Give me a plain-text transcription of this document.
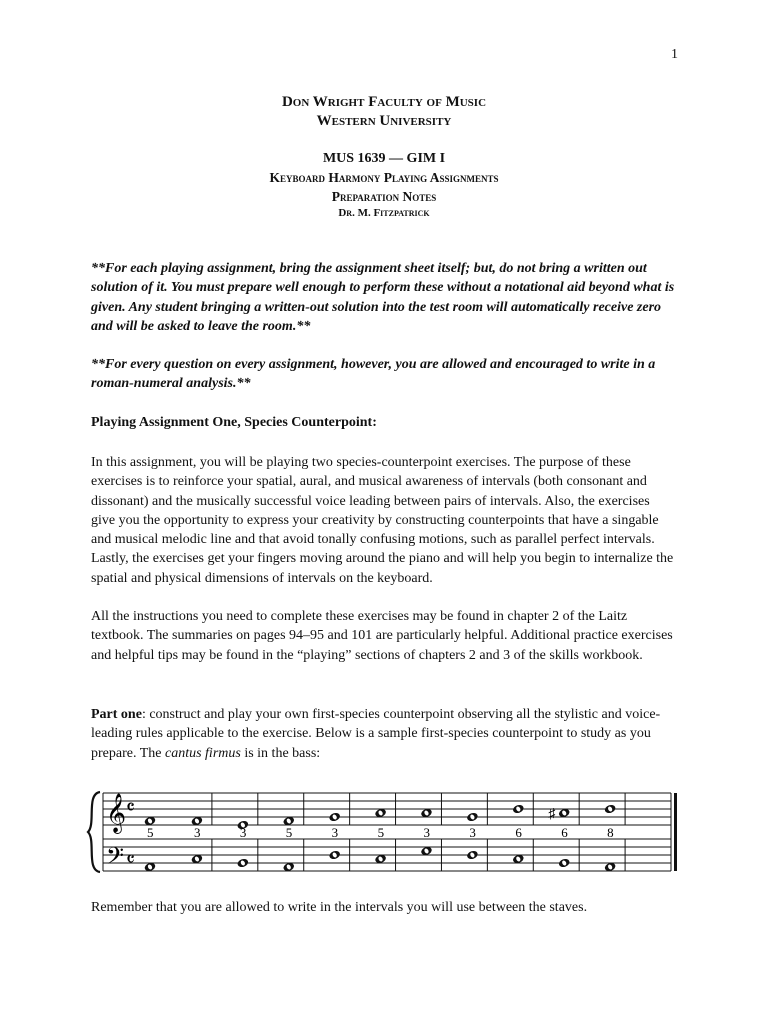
1
Don Wright Faculty of Music
Western University
MUS 1639 — GIM I
Keyboard Harmony Playing Assignments
Preparation Notes
Dr. M. Fitzpatrick

**For each playing assignment, bring the assignment sheet itself; but, do not bring a written out solution of it. You must prepare well enough to perform these without a notational aid beyond what is given. Any student bringing a written-out solution into the test room will automatically receive zero and will be asked to leave the room.**

**For every question on every assignment, however, you are allowed and encouraged to write in a roman-numeral analysis.**

Playing Assignment One, Species Counterpoint:

In this assignment, you will be playing two species-counterpoint exercises. The purpose of these exercises is to reinforce your spatial, aural, and musical awareness of intervals (both consonant and dissonant) and the musically successful voice leading between pairs of intervals. Also, the exercises give you the opportunity to express your creativity by constructing counterpoints that have a singable and musical melodic line and that avoid tonally confusing motions, such as parallel perfect intervals. Lastly, the exercises get your fingers moving around the piano and will help you begin to internalize the spatial and physical dimensions of intervals on the keyboard.

All the instructions you need to complete these exercises may be found in chapter 2 of the Laitz textbook. The summaries on pages 94–95 and 101 are particularly helpful. Additional practice exercises and helpful tips may be found in the “playing” sections of chapters 2 and 3 of the skills workbook.

Part one: construct and play your own first-species counterpoint observing all the stylistic and voice-leading rules applicable to the exercise. Below is a sample first-species counterpoint to study as you prepare. The cantus firmus is in the bass:

𝄞
𝄢
𝄴
𝄴
♯
5	3	3	5	3	5	3	3	6	6	8

Remember that you are allowed to write in the intervals you will use between the staves.
